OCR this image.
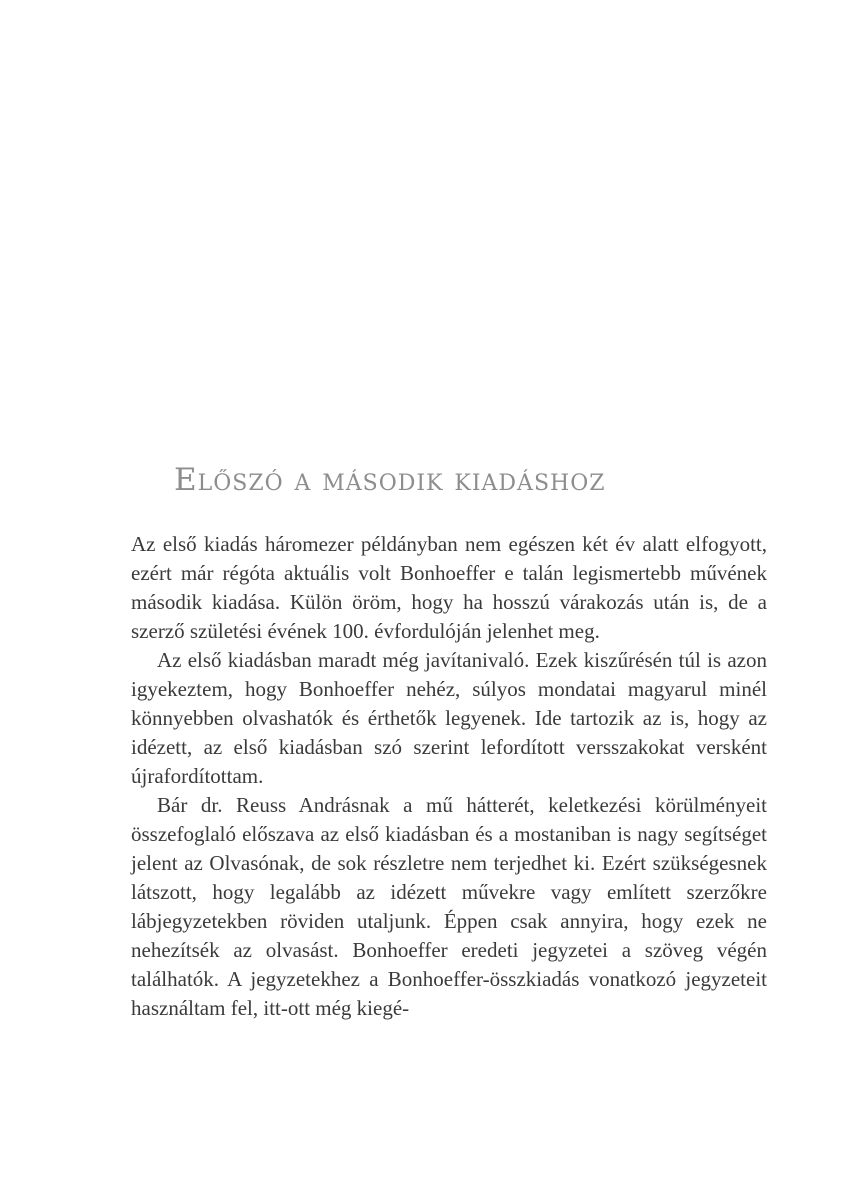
Előszó a második kiadáshoz

Az első kiadás háromezer példányban nem egészen két év alatt elfogyott, ezért már régóta aktuális volt Bonhoeffer e talán legismertebb művének második kiadása. Külön öröm, hogy ha hosszú várakozás után is, de a szerző születési évének 100. évfordulóján jelenhet meg.

Az első kiadásban maradt még javítanivaló. Ezek kiszűrésén túl is azon igyekeztem, hogy Bonhoeffer nehéz, súlyos mondatai magyarul minél könnyebben olvashatók és érthetők legyenek. Ide tartozik az is, hogy az idézett, az első kiadásban szó szerint lefordított versszakokat versként újrafordítottam.

Bár dr. Reuss Andrásnak a mű hátterét, keletkezési körülményeit összefoglaló előszava az első kiadásban és a mostaniban is nagy segítséget jelent az Olvasónak, de sok részletre nem terjedhet ki. Ezért szükségesnek látszott, hogy legalább az idézett művekre vagy említett szerzőkre lábjegyzetekben röviden utaljunk. Éppen csak annyira, hogy ezek ne nehezítsék az olvasást. Bonhoeffer eredeti jegyzetei a szöveg végén találhatók. A jegyzetekhez a Bonhoeffer-összkiadás vonatkozó jegyzeteit használtam fel, itt-ott még kiegé-
